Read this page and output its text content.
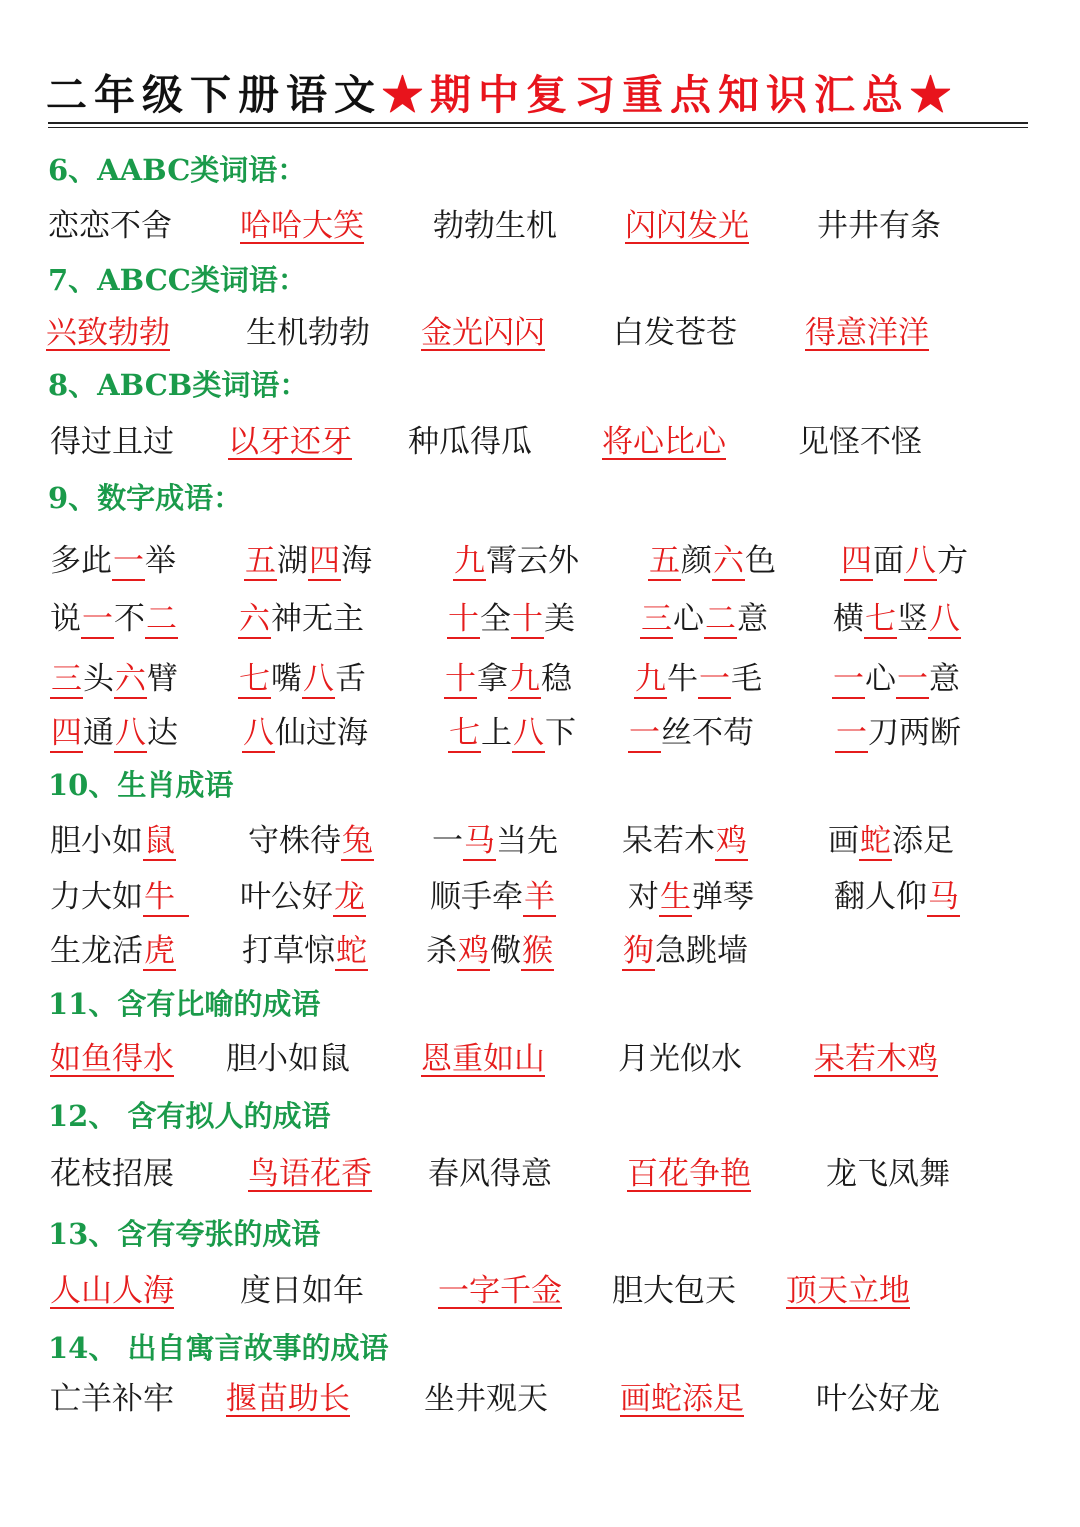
二年级下册语文★期中复习重点知识汇总★
6、AABC类词语：
恋恋不舍	哈哈大笑	勃勃生机 闪闪发光	井井有条
7、ABCC类词语：
兴致勃勃 生机勃勃 金光闪闪 白发苍苍 得意洋洋
8、ABCB类词语：
得过且过 以牙还牙 种瓜得瓜	将心比心 见怪不怪
9、数字成语：
多此一举 五湖四海	九霄云外 五颜六色 四面八方
说一不二 六神无主	十全十美 三心二意 横七竖八
三头六臂 七嘴八舌	十拿九稳 九牛一毛 一心一意
四通八达 八仙过海	七上八下 一丝不苟	一刀两断
10、生肖成语
胆小如鼠 守株待兔 一马当先 呆若木鸡	画蛇添足
力大如牛	叶公好龙 顺手牵羊 对生弹琴	翻人仰马
生龙活虎 打草惊蛇 杀鸡儆猴 狗急跳墙
11、含有比喻的成语
如鱼得水 胆小如鼠 恩重如山 月光似水 呆若木鸡
12、 含有拟人的成语
花枝招展 鸟语花香 春风得意 百花争艳	龙飞凤舞
13、含有夸张的成语
人山人海	度日如年 一字千金 胆大包天 顶天立地
14、 出自寓言故事的成语
亡羊补牢 揠苗助长 坐井观天 画蛇添足 叶公好龙
